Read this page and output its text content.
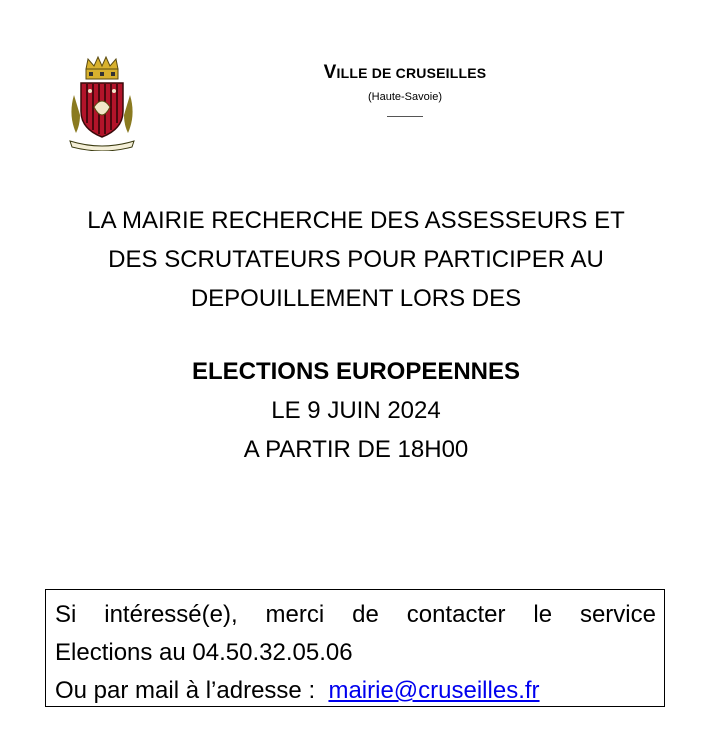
VILLE DE CRUSEILLES
(Haute-Savoie)
LA MAIRIE RECHERCHE DES ASSESSEURS ET
DES SCRUTATEURS POUR PARTICIPER AU
DEPOUILLEMENT LORS DES
ELECTIONS EUROPEENNES
LE 9 JUIN 2024
A PARTIR DE 18H00
Si intéressé(e), merci de contacter le service
Elections au 04.50.32.05.06
Ou par mail à l’adresse : mairie@cruseilles.fr
